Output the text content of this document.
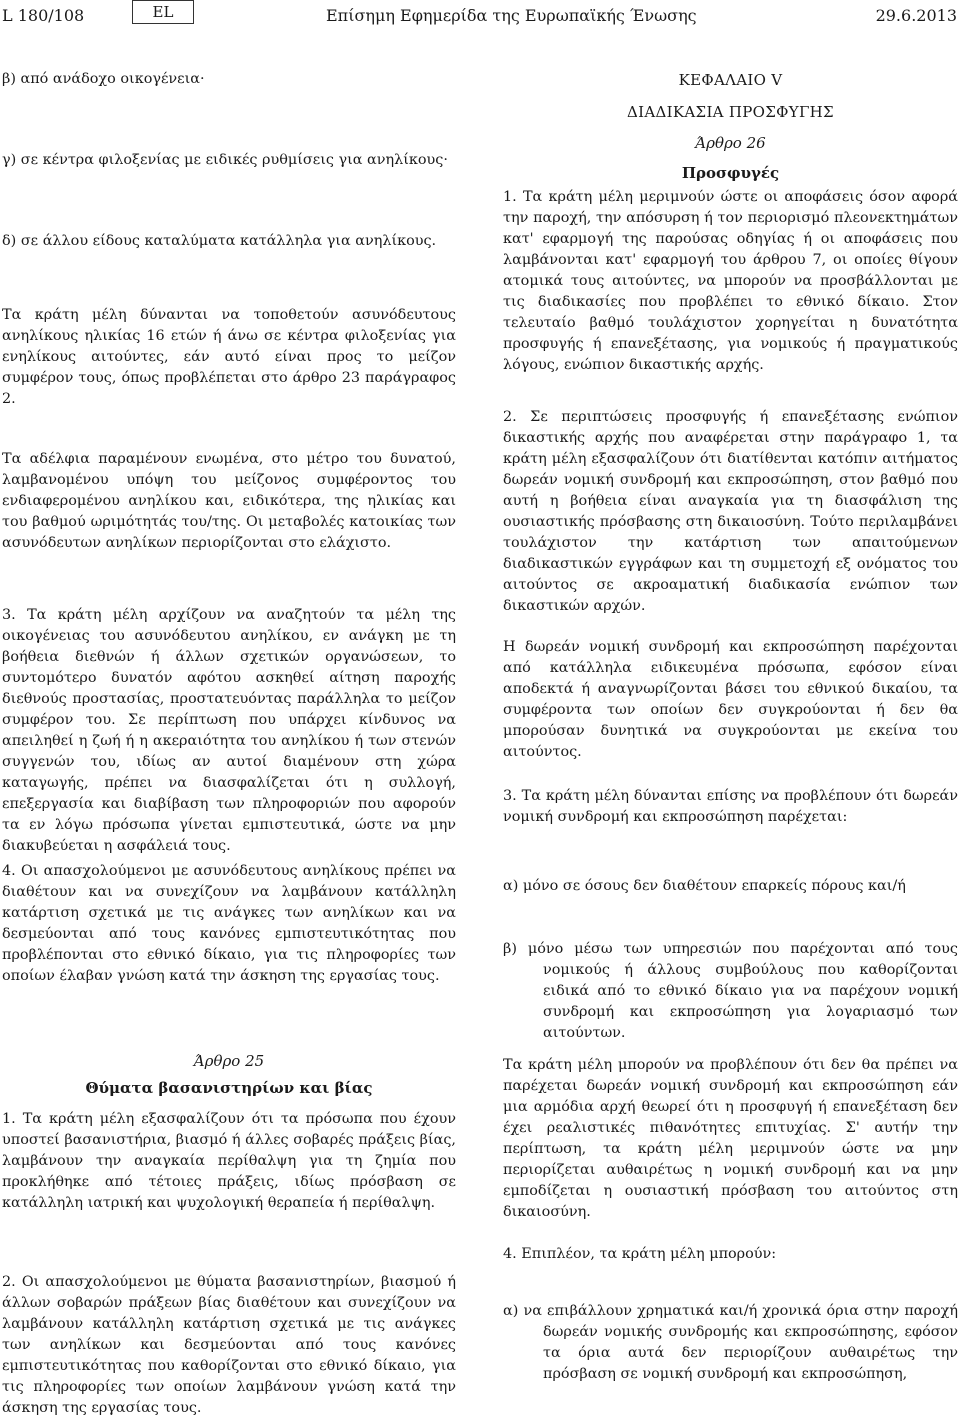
L 180/108	EL	Επίσημη Εφημερίδα της Ευρωπαϊκής Ένωσης	29.6.2013

β) από ανάδοχο οικογένεια·

γ) σε κέντρα φιλοξενίας με ειδικές ρυθμίσεις για ανηλίκους·

δ) σε άλλου είδους καταλύματα κατάλληλα για ανηλίκους.

Τα κράτη μέλη δύνανται να τοποθετούν ασυνόδευτους ανηλίκους ηλικίας 16 ετών ή άνω σε κέντρα φιλοξενίας για ενηλίκους αιτούντες, εάν αυτό είναι προς το μείζον συμφέρον τους, όπως προβλέπεται στο άρθρο 23 παράγραφος 2.

Τα αδέλφια παραμένουν ενωμένα, στο μέτρο του δυνατού, λαμβανομένου υπόψη του μείζονος συμφέροντος του ενδιαφερομένου ανηλίκου και, ειδικότερα, της ηλικίας και του βαθμού ωριμότητάς του/της. Οι μεταβολές κατοικίας των ασυνόδευτων ανηλίκων περιορίζονται στο ελάχιστο.

3. Τα κράτη μέλη αρχίζουν να αναζητούν τα μέλη της οικογένειας του ασυνόδευτου ανηλίκου, εν ανάγκη με τη βοήθεια διεθνών ή άλλων σχετικών οργανώσεων, το συντομότερο δυνατόν αφότου ασκηθεί αίτηση παροχής διεθνούς προστασίας, προστατευόντας παράλληλα το μείζον συμφέρον του. Σε περίπτωση που υπάρχει κίνδυνος να απειληθεί η ζωή ή η ακεραιότητα του ανηλίκου ή των στενών συγγενών του, ιδίως αν αυτοί διαμένουν στη χώρα καταγωγής, πρέπει να διασφαλίζεται ότι η συλλογή, επεξεργασία και διαβίβαση των πληροφοριών που αφορούν τα εν λόγω πρόσωπα γίνεται εμπιστευτικά, ώστε να μην διακυβεύεται η ασφάλειά τους.

4. Οι απασχολούμενοι με ασυνόδευτους ανηλίκους πρέπει να διαθέτουν και να συνεχίζουν να λαμβάνουν κατάλληλη κατάρτιση σχετικά με τις ανάγκες των ανηλίκων και να δεσμεύονται από τους κανόνες εμπιστευτικότητας που προβλέπονται στο εθνικό δίκαιο, για τις πληροφορίες των οποίων έλαβαν γνώση κατά την άσκηση της εργασίας τους.

Άρθρο 25
Θύματα βασανιστηρίων και βίας

1. Τα κράτη μέλη εξασφαλίζουν ότι τα πρόσωπα που έχουν υποστεί βασανιστήρια, βιασμό ή άλλες σοβαρές πράξεις βίας, λαμβάνουν την αναγκαία περίθαλψη για τη ζημία που προκλήθηκε από τέτοιες πράξεις, ιδίως πρόσβαση σε κατάλληλη ιατρική και ψυχολογική θεραπεία ή περίθαλψη.

2. Οι απασχολούμενοι με θύματα βασανιστηρίων, βιασμού ή άλλων σοβαρών πράξεων βίας διαθέτουν και συνεχίζουν να λαμβάνουν κατάλληλη κατάρτιση σχετικά με τις ανάγκες των ανηλίκων και δεσμεύονται από τους κανόνες εμπιστευτικότητας που καθορίζονται στο εθνικό δίκαιο, για τις πληροφορίες των οποίων λαμβάνουν γνώση κατά την άσκηση της εργασίας τους.

ΚΕΦΑΛΑΙΟ V
ΔΙΑΔΙΚΑΣΙΑ ΠΡΟΣΦΥΓΗΣ
Άρθρο 26
Προσφυγές

1. Τα κράτη μέλη μεριμνούν ώστε οι αποφάσεις όσον αφορά την παροχή, την απόσυρση ή τον περιορισμό πλεονεκτημάτων κατ' εφαρμογή της παρούσας οδηγίας ή οι αποφάσεις που λαμβάνονται κατ' εφαρμογή του άρθρου 7, οι οποίες θίγουν ατομικά τους αιτούντες, να μπορούν να προσβάλλονται με τις διαδικασίες που προβλέπει το εθνικό δίκαιο. Στον τελευταίο βαθμό τουλάχιστον χορηγείται η δυνατότητα προσφυγής ή επανεξέτασης, για νομικούς ή πραγματικούς λόγους, ενώπιον δικαστικής αρχής.

2. Σε περιπτώσεις προσφυγής ή επανεξέτασης ενώπιον δικαστικής αρχής που αναφέρεται στην παράγραφο 1, τα κράτη μέλη εξασφαλίζουν ότι διατίθενται κατόπιν αιτήματος δωρεάν νομική συνδρομή και εκπροσώπηση, στον βαθμό που αυτή η βοήθεια είναι αναγκαία για τη διασφάλιση της ουσιαστικής πρόσβασης στη δικαιοσύνη. Τούτο περιλαμβάνει τουλάχιστον την κατάρτιση των απαιτούμενων διαδικαστικών εγγράφων και τη συμμετοχή εξ ονόματος του αιτούντος σε ακροαματική διαδικασία ενώπιον των δικαστικών αρχών.

Η δωρεάν νομική συνδρομή και εκπροσώπηση παρέχονται από κατάλληλα ειδικευμένα πρόσωπα, εφόσον είναι αποδεκτά ή αναγνωρίζονται βάσει του εθνικού δικαίου, τα συμφέροντα των οποίων δεν συγκρούονται ή δεν θα μπορούσαν δυνητικά να συγκρούονται με εκείνα του αιτούντος.

3. Τα κράτη μέλη δύνανται επίσης να προβλέπουν ότι δωρεάν νομική συνδρομή και εκπροσώπηση παρέχεται:

α) μόνο σε όσους δεν διαθέτουν επαρκείς πόρους και/ή

β) μόνο μέσω των υπηρεσιών που παρέχονται από τους νομικούς ή άλλους συμβούλους που καθορίζονται ειδικά από το εθνικό δίκαιο για να παρέχουν νομική συνδρομή και εκπροσώπηση για λογαριασμό των αιτούντων.

Τα κράτη μέλη μπορούν να προβλέπουν ότι δεν θα πρέπει να παρέχεται δωρεάν νομική συνδρομή και εκπροσώπηση εάν μια αρμόδια αρχή θεωρεί ότι η προσφυγή ή επανεξέταση δεν έχει ρεαλιστικές πιθανότητες επιτυχίας. Σ' αυτήν την περίπτωση, τα κράτη μέλη μεριμνούν ώστε να μην περιορίζεται αυθαιρέτως η νομική συνδρομή και να μην εμποδίζεται η ουσιαστική πρόσβαση του αιτούντος στη δικαιοσύνη.

4. Επιπλέον, τα κράτη μέλη μπορούν:

α) να επιβάλλουν χρηματικά και/ή χρονικά όρια στην παροχή δωρεάν νομικής συνδρομής και εκπροσώπησης, εφόσον τα όρια αυτά δεν περιορίζουν αυθαιρέτως την πρόσβαση σε νομική συνδρομή και εκπροσώπηση,
